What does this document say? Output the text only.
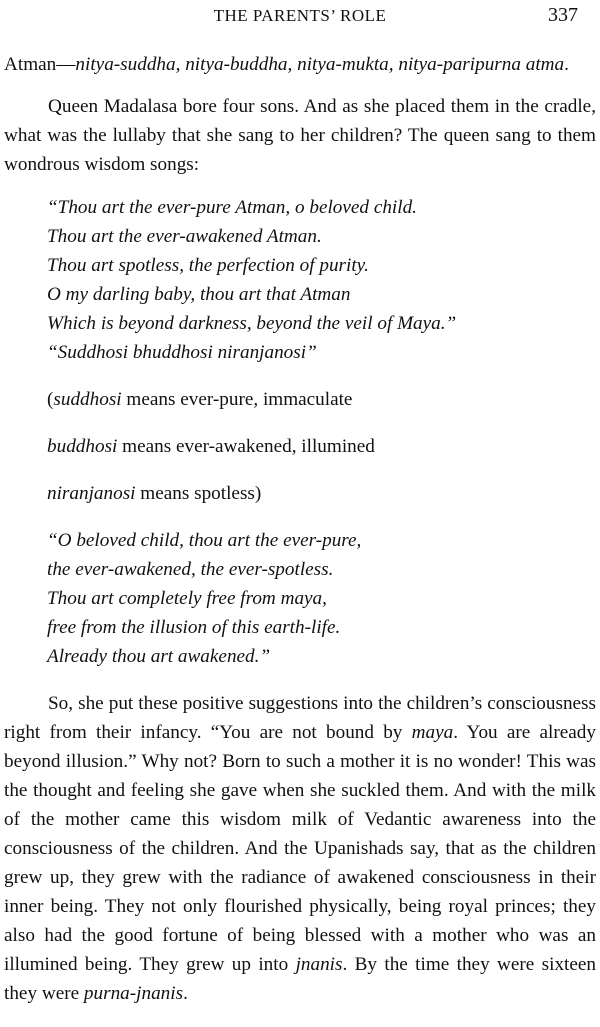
THE PARENTS’ ROLE	337

Atman—nitya-suddha, nitya-buddha, nitya-mukta, nitya-paripurna atma.

Queen Madalasa bore four sons. And as she placed them in the cradle, what was the lullaby that she sang to her children? The queen sang to them wondrous wisdom songs:

“Thou art the ever-pure Atman, o beloved child.
Thou art the ever-awakened Atman.
Thou art spotless, the perfection of purity.
O my darling baby, thou art that Atman
Which is beyond darkness, beyond the veil of Maya.”
“Suddhosi bhuddhosi niranjanosi”

(suddhosi means ever-pure, immaculate

buddhosi means ever-awakened, illumined

niranjanosi means spotless)

“O beloved child, thou art the ever-pure,
the ever-awakened, the ever-spotless.
Thou art completely free from maya,
free from the illusion of this earth-life.
Already thou art awakened.”

So, she put these positive suggestions into the children’s consciousness right from their infancy. “You are not bound by maya. You are already beyond illusion.” Why not? Born to such a mother it is no wonder! This was the thought and feeling she gave when she suckled them. And with the milk of the mother came this wisdom milk of Vedantic awareness into the consciousness of the children. And the Upanishads say, that as the children grew up, they grew with the radiance of awakened consciousness in their inner being. They not only flourished physically, being royal princes; they also had the good fortune of being blessed with a mother who was an illumined being. They grew up into jnanis. By the time they were sixteen they were purna-jnanis.
